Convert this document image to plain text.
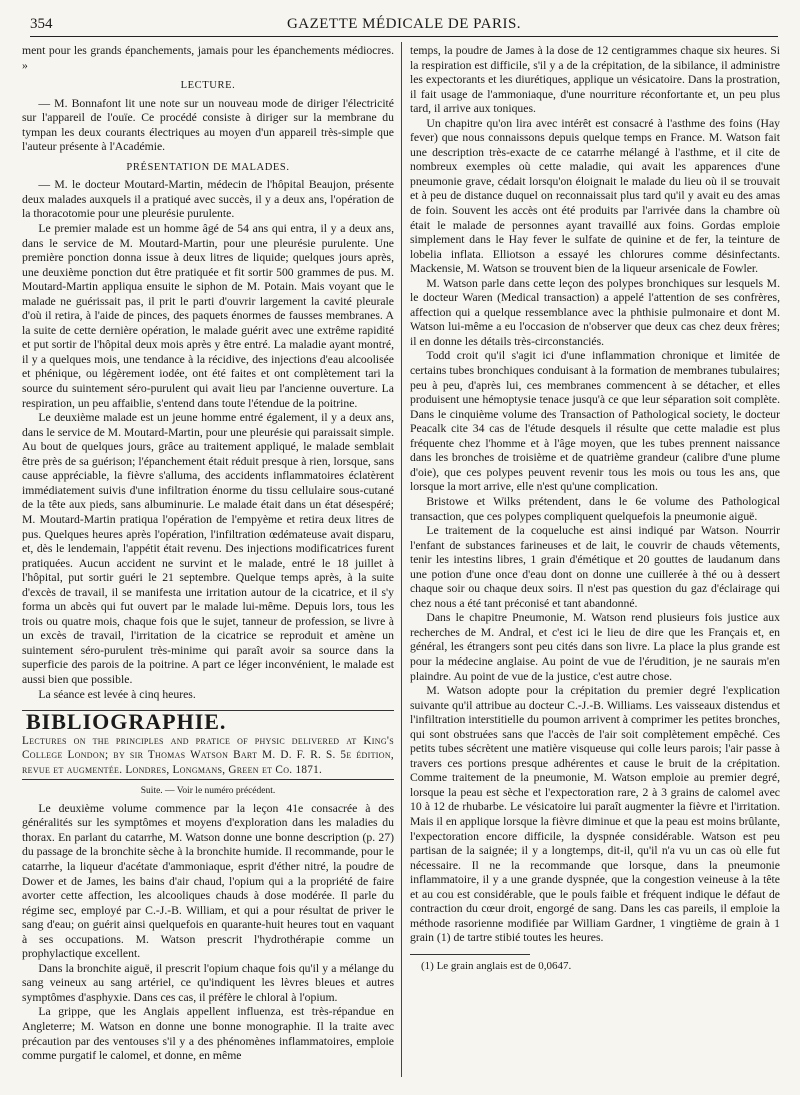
354	GAZETTE MÉDICALE DE PARIS.

ment pour les grands épanchements, jamais pour les épanchements médiocres. »

LECTURE.

— M. Bonnafont lit une note sur un nouveau mode de diriger l'électricité sur l'appareil de l'ouïe. Ce procédé consiste à diriger sur la membrane du tympan les deux courants électriques au moyen d'un appareil très-simple que l'auteur présente à l'Académie.

PRÉSENTATION DE MALADES.

— M. le docteur Moutard-Martin, médecin de l'hôpital Beaujon, présente deux malades auxquels il a pratiqué avec succès, il y a deux ans, l'opération de la thoracotomie pour une pleurésie purulente.

Le premier malade est un homme âgé de 54 ans qui entra, il y a deux ans, dans le service de M. Moutard-Martin, pour une pleurésie purulente. Une première ponction donna issue à deux litres de liquide; quelques jours après, une deuxième ponction dut être pratiquée et fit sortir 500 grammes de pus. M. Moutard-Martin appliqua ensuite le siphon de M. Potain. Mais voyant que le malade ne guérissait pas, il prit le parti d'ouvrir largement la cavité pleurale d'où il retira, à l'aide de pinces, des paquets énormes de fausses membranes. A la suite de cette dernière opération, le malade guérit avec une extrême rapidité et put sortir de l'hôpital deux mois après y être entré. La maladie ayant montré, il y a quelques mois, une tendance à la récidive, des injections d'eau alcoolisée et phénique, ou légèrement iodée, ont été faites et ont complètement tari la source du suintement séro-purulent qui avait lieu par l'ancienne ouverture. La respiration, un peu affaiblie, s'entend dans toute l'étendue de la poitrine.

Le deuxième malade est un jeune homme entré également, il y a deux ans, dans le service de M. Moutard-Martin, pour une pleurésie qui paraissait simple. Au bout de quelques jours, grâce au traitement appliqué, le malade semblait être près de sa guérison; l'épanchement était réduit presque à rien, lorsque, sans cause appréciable, la fièvre s'alluma, des accidents inflammatoires éclatèrent immédiatement suivis d'une infiltration énorme du tissu cellulaire sous-cutané de la tête aux pieds, sans albuminurie. Le malade était dans un état désespéré; M. Moutard-Martin pratiqua l'opération de l'empyème et retira deux litres de pus. Quelques heures après l'opération, l'infiltration œdémateuse avait disparu, et, dès le lendemain, l'appétit était revenu. Des injections modificatrices furent pratiquées. Aucun accident ne survint et le malade, entré le 18 juillet à l'hôpital, put sortir guéri le 21 septembre. Quelque temps après, à la suite d'excès de travail, il se manifesta une irritation autour de la cicatrice, et il s'y forma un abcès qui fut ouvert par le malade lui-même. Depuis lors, tous les trois ou quatre mois, chaque fois que le sujet, tanneur de profession, se livre à un excès de travail, l'irritation de la cicatrice se reproduit et amène un suintement séro-purulent très-minime qui paraît avoir sa source dans la superficie des parois de la poitrine. A part ce léger inconvénient, le malade est aussi bien que possible.

La séance est levée à cinq heures.

BIBLIOGRAPHIE.

Lectures on the principles and pratice of physic delivered at King's College London; by sir Thomas Watson Bart M. D. F. R. S. 5e édition, revue et augmentée. Londres, Longmans, Green et Co. 1871.

Suite. — Voir le numéro précédent.

Le deuxième volume commence par la leçon 41e consacrée à des généralités sur les symptômes et moyens d'exploration dans les maladies du thorax. En parlant du catarrhe, M. Watson donne une bonne description (p. 27) du passage de la bronchite sèche à la bronchite humide. Il recommande, pour le catarrhe, la liqueur d'acétate d'ammoniaque, esprit d'éther nitré, la poudre de Dower et de James, les bains d'air chaud, l'opium qui a la propriété de faire avorter cette affection, les alcooliques chauds à dose modérée. Il parle du régime sec, employé par C.-J.-B. William, et qui a pour résultat de priver le sang d'eau; on guérit ainsi quelquefois en quarante-huit heures tout en vaquant à ses occupations. M. Watson prescrit l'hydrothérapie comme un prophylactique excellent.

Dans la bronchite aiguë, il prescrit l'opium chaque fois qu'il y a mélange du sang veineux au sang artériel, ce qu'indiquent les lèvres bleues et autres symptômes d'asphyxie. Dans ces cas, il préfère le chloral à l'opium.

La grippe, que les Anglais appellent influenza, est très-répandue en Angleterre; M. Watson en donne une bonne monographie. Il la traite avec précaution par des ventouses s'il y a des phénomènes inflammatoires, emploie comme purgatif le calomel, et donne, en même

temps, la poudre de James à la dose de 12 centigrammes chaque six heures. Si la respiration est difficile, s'il y a de la crépitation, de la sibilance, il administre les expectorants et les diurétiques, applique un vésicatoire. Dans la prostration, il fait usage de l'ammoniaque, d'une nourriture réconfortante et, un peu plus tard, il arrive aux toniques.

Un chapitre qu'on lira avec intérêt est consacré à l'asthme des foins (Hay fever) que nous connaissons depuis quelque temps en France. M. Watson fait une description très-exacte de ce catarrhe mélangé à l'asthme, et il cite de nombreux exemples où cette maladie, qui avait les apparences d'une pneumonie grave, cédait lorsqu'on éloignait le malade du lieu où il se trouvait et à peu de distance duquel on reconnaissait plus tard qu'il y avait eu des amas de foin. Souvent les accès ont été produits par l'arrivée dans la chambre où était le malade de personnes ayant travaillé aux foins. Gordas emploie simplement dans le Hay fever le sulfate de quinine et de fer, la teinture de lobelia inflata. Elliotson a essayé les chlorures comme désinfectants. Mackensie, M. Watson se trouvent bien de la liqueur arsenicale de Fowler.

M. Watson parle dans cette leçon des polypes bronchiques sur lesquels M. le docteur Waren (Medical transaction) a appelé l'attention de ses confrères, affection qui a quelque ressemblance avec la phthisie pulmonaire et dont M. Watson lui-même a eu l'occasion de n'observer que deux cas chez deux frères; il en donne les détails très-circonstanciés.

Todd croit qu'il s'agit ici d'une inflammation chronique et limitée de certains tubes bronchiques conduisant à la formation de membranes tubulaires; peu à peu, d'après lui, ces membranes commencent à se détacher, et elles produisent une hémoptysie tenace jusqu'à ce que leur séparation soit complète. Dans le cinquième volume des Transaction of Pathological society, le docteur Peacalk cite 34 cas de l'étude desquels il résulte que cette maladie est plus fréquente chez l'homme et à l'âge moyen, que les tubes prennent naissance dans les bronches de troisième et de quatrième grandeur (calibre d'une plume d'oie), que ces polypes peuvent revenir tous les mois ou tous les ans, que lorsque la mort arrive, elle n'est qu'une complication.

Bristowe et Wilks prétendent, dans le 6e volume des Pathological transaction, que ces polypes compliquent quelquefois la pneumonie aiguë.

Le traitement de la coqueluche est ainsi indiqué par Watson. Nourrir l'enfant de substances farineuses et de lait, le couvrir de chauds vêtements, tenir les intestins libres, 1 grain d'émétique et 20 gouttes de laudanum dans une potion d'une once d'eau dont on donne une cuillerée à thé ou à dessert chaque soir ou chaque deux soirs. Il n'est pas question du gaz d'éclairage qui chez nous a été tant préconisé et tant abandonné.

Dans le chapitre Pneumonie, M. Watson rend plusieurs fois justice aux recherches de M. Andral, et c'est ici le lieu de dire que les Français et, en général, les étrangers sont peu cités dans son livre. La place la plus grande est pour la médecine anglaise. Au point de vue de l'érudition, je ne saurais m'en plaindre. Au point de vue de la justice, c'est autre chose.

M. Watson adopte pour la crépitation du premier degré l'explication suivante qu'il attribue au docteur C.-J.-B. Williams. Les vaisseaux distendus et l'infiltration interstitielle du poumon arrivent à comprimer les petites bronches, qui sont obstruées sans que l'accès de l'air soit complètement empêché. Ces petits tubes sécrètent une matière visqueuse qui colle leurs parois; l'air passe à travers ces portions presque adhérentes et cause le bruit de la crépitation. Comme traitement de la pneumonie, M. Watson emploie au premier degré, lorsque la peau est sèche et l'expectoration rare, 2 à 3 grains de calomel avec 10 à 12 de rhubarbe. Le vésicatoire lui paraît augmenter la fièvre et l'irritation. Mais il en applique lorsque la fièvre diminue et que la peau est moins brûlante, l'expectoration encore difficile, la dyspnée considérable. Watson est peu partisan de la saignée; il y a longtemps, dit-il, qu'il n'a vu un cas où elle fut nécessaire. Il ne la recommande que lorsque, dans la pneumonie inflammatoire, il y a une grande dyspnée, que la congestion veineuse à la tête et au cou est considérable, que le pouls faible et fréquent indique le défaut de contraction du cœur droit, engorgé de sang. Dans les cas pareils, il emploie la méthode rasorienne modifiée par William Gardner, 1 vingtième de grain à 1 grain (1) de tartre stibié toutes les heures.

(1) Le grain anglais est de 0,0647.
